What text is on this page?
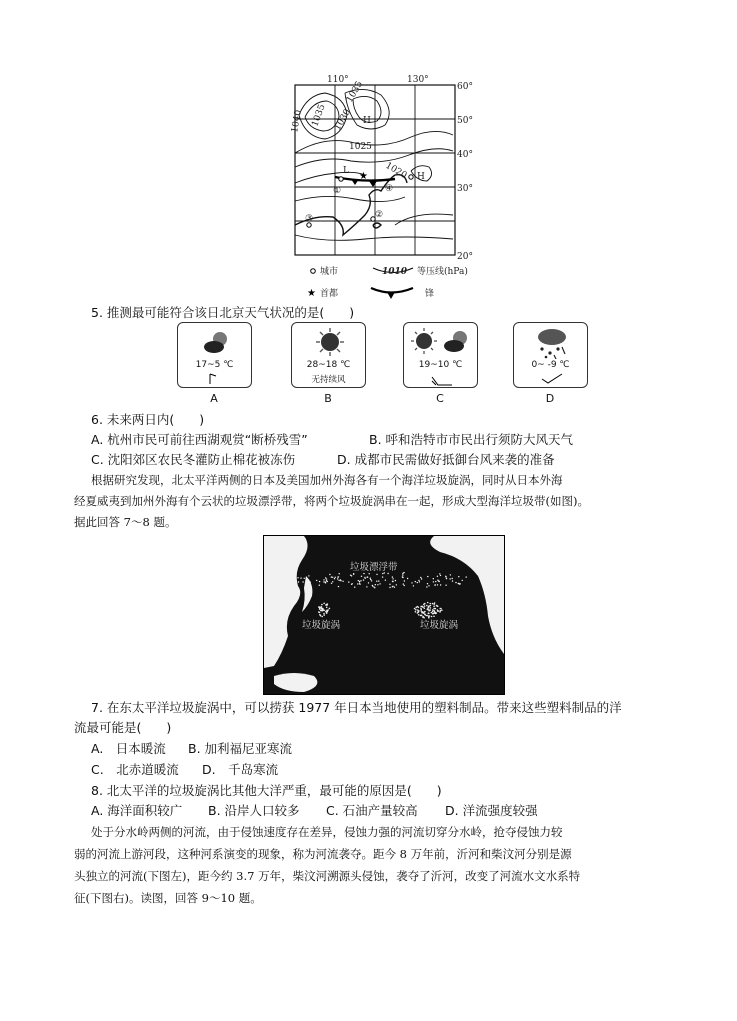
★
110°	130°
60°
50°
40°
30°
20°
1040
1035
1035 1030
1025
1020
H
H
L
①
②
③
④
城市	1010 等压线(hPa)
★ 首都	锋
5. 推测最可能符合该日北京天气状况的是(　　)
17~5 ℃
A
28~18 ℃
无持续风
B
19~10 ℃
C
0~ -9 ℃
D
6. 未来两日内(　　)
A. 杭州市民可前往西湖观赏“断桥残雪”	B. 呼和浩特市市民出行须防大风天气
C. 沈阳郊区农民冬灌防止棉花被冻伤	D. 成都市民需做好抵御台风来袭的准备
根据研究发现，北太平洋两侧的日本及美国加州外海各有一个海洋垃圾旋涡，同时从日本外海
经夏威夷到加州外海有个云状的垃圾漂浮带，将两个垃圾旋涡串在一起，形成大型海洋垃圾带(如图)。
据此回答 7～8 题。
垃圾漂浮带
垃圾旋涡	垃圾旋涡
7. 在东太平洋垃圾旋涡中，可以捞获 1977 年日本当地使用的塑料制品。带来这些塑料制品的洋
流最可能是(　　)
A.　日本暖流 B. 加利福尼亚寒流
C.　北赤道暖流 D.　千岛寒流
8. 北太平洋的垃圾旋涡比其他大洋严重，最可能的原因是(　　)
A. 海洋面积较广 B. 沿岸人口较多 C. 石油产量较高 D. 洋流强度较强
处于分水岭两侧的河流，由于侵蚀速度存在差异，侵蚀力强的河流切穿分水岭，抢夺侵蚀力较
弱的河流上游河段，这种河系演变的现象，称为河流袭夺。距今 8 万年前，沂河和柴汶河分别是源
头独立的河流(下图左)，距今约 3.7 万年，柴汶河溯源头侵蚀，袭夺了沂河，改变了河流水文水系特
征(下图右)。读图，回答 9～10 题。
